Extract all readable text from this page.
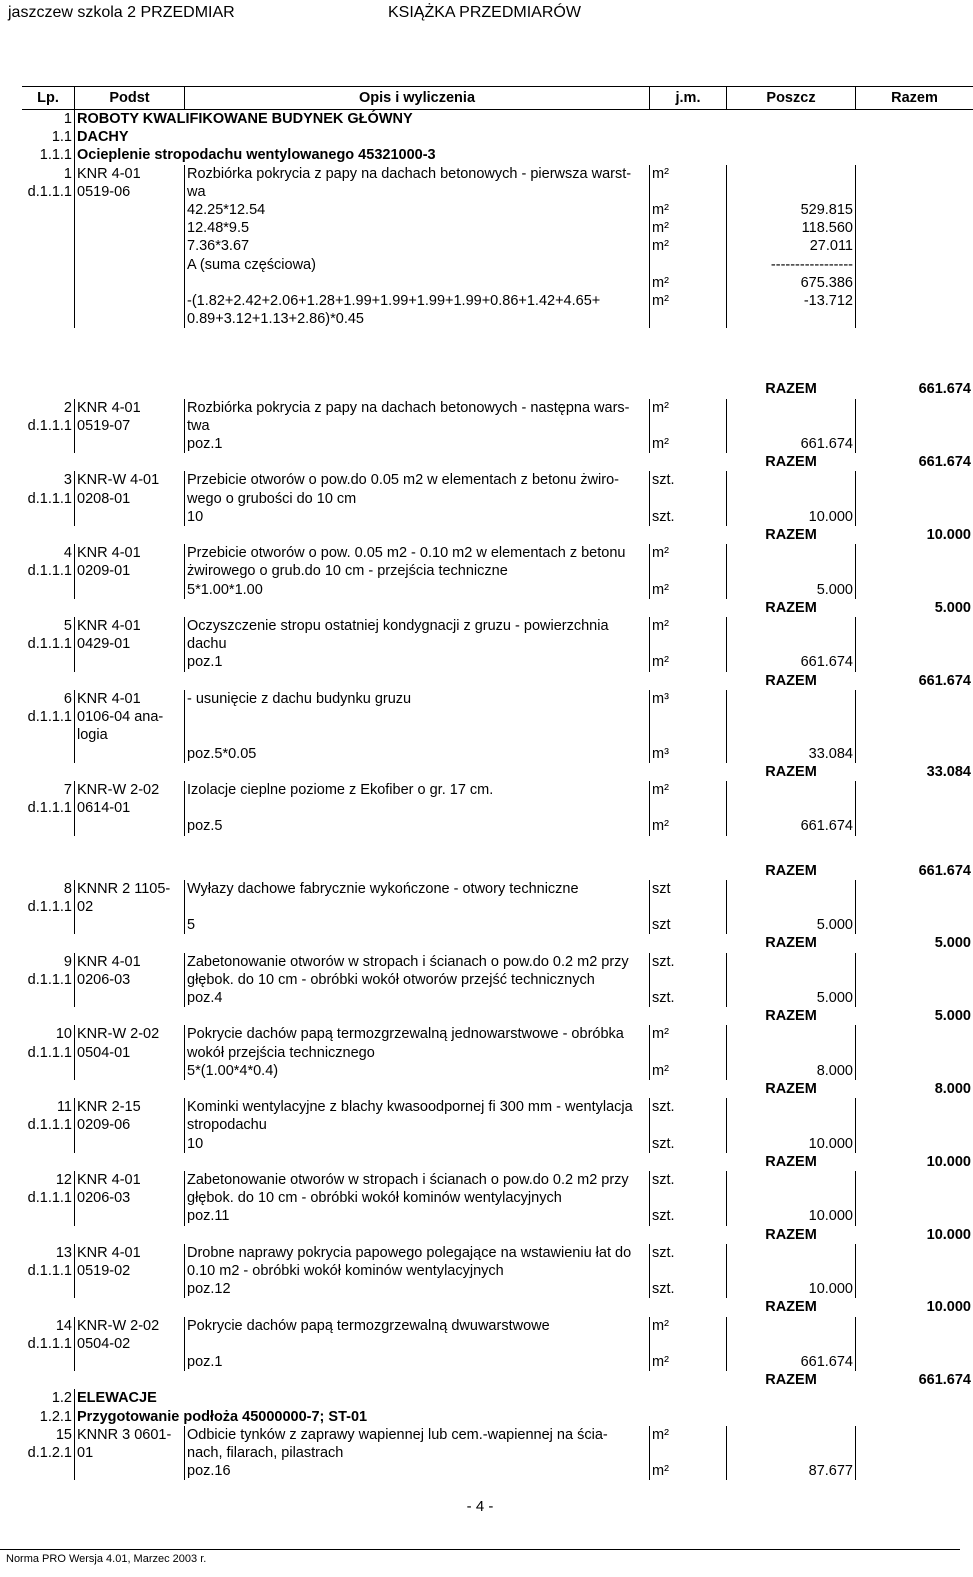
jaszczew szkola 2 PRZEDMIAR	KSIĄŻKA PRZEDMIARÓW
Lp.	Podst	Opis i wyliczenia	j.m.	Poszcz	Razem
1	ROBOTY KWALIFIKOWANE BUDYNEK GŁÓWNY				
1.1	DACHY				
1.1.1	Ocieplenie stropodachu wentylowanego 45321000-3				
1	KNR 4-01	Rozbiórka pokrycia z papy na dachach betonowych - pierwsza warst-	m²		
d.1.1.1	0519-06	wa			
		42.25*12.54	m²	529.815	
		12.48*9.5	m²	118.560	
		7.36*3.67	m²	27.011	
		A (suma częściowa)		-----------------	
			m²	675.386	
		-(1.82+2.42+2.06+1.28+1.99+1.99+1.99+1.99+0.86+1.42+4.65+	m²	-13.712	
		0.89+3.12+1.13+2.86)*0.45			

				RAZEM	661.674
2	KNR 4-01	Rozbiórka pokrycia z papy na dachach betonowych - następna wars-	m²		
d.1.1.1	0519-07	twa			
		poz.1	m²	661.674	
				RAZEM	661.674
3	KNR-W 4-01	Przebicie otworów o pow.do 0.05 m2 w elementach z betonu żwiro-	szt.		
d.1.1.1	0208-01	wego o grubości do 10 cm			
		10	szt.	10.000	
				RAZEM	10.000
4	KNR 4-01	Przebicie otworów o pow. 0.05 m2 - 0.10 m2 w elementach z betonu	m²		
d.1.1.1	0209-01	żwirowego o grub.do 10 cm - przejścia techniczne			
		5*1.00*1.00	m²	5.000	
				RAZEM	5.000
5	KNR 4-01	Oczyszczenie stropu ostatniej kondygnacji z gruzu - powierzchnia	m²		
d.1.1.1	0429-01	dachu			
		poz.1	m²	661.674	
				RAZEM	661.674
6	KNR 4-01	- usunięcie z dachu budynku gruzu	m³		
d.1.1.1	0106-04 ana-				
	logia				
		poz.5*0.05	m³	33.084	
				RAZEM	33.084
7	KNR-W 2-02	Izolacje cieplne poziome z Ekofiber o gr. 17 cm.	m²		
d.1.1.1	0614-01				
		poz.5	m²	661.674	

				RAZEM	661.674
8	KNNR 2 1105-	Wyłazy dachowe fabrycznie wykończone - otwory techniczne	szt		
d.1.1.1	02				
		5	szt	5.000	
				RAZEM	5.000
9	KNR 4-01	Zabetonowanie otworów w stropach i ścianach o pow.do 0.2 m2 przy	szt.		
d.1.1.1	0206-03	głębok. do 10 cm - obróbki wokół otworów przejść technicznych			
		poz.4	szt.	5.000	
				RAZEM	5.000
10	KNR-W 2-02	Pokrycie dachów papą termozgrzewalną jednowarstwowe - obróbka	m²		
d.1.1.1	0504-01	wokół przejścia technicznego			
		5*(1.00*4*0.4)	m²	8.000	
				RAZEM	8.000
11	KNR 2-15	Kominki wentylacyjne z blachy kwasoodpornej fi 300 mm - wentylacja	szt.		
d.1.1.1	0209-06	stropodachu			
		10	szt.	10.000	
				RAZEM	10.000
12	KNR 4-01	Zabetonowanie otworów w stropach i ścianach o pow.do 0.2 m2 przy	szt.		
d.1.1.1	0206-03	głębok. do 10 cm - obróbki wokół kominów wentylacyjnych			
		poz.11	szt.	10.000	
				RAZEM	10.000
13	KNR 4-01	Drobne naprawy pokrycia papowego polegające na wstawieniu łat do	szt.		
d.1.1.1	0519-02	0.10 m2 - obróbki wokół kominów wentylacyjnych			
		poz.12	szt.	10.000	
				RAZEM	10.000
14	KNR-W 2-02	Pokrycie dachów papą termozgrzewalną dwuwarstwowe	m²		
d.1.1.1	0504-02				
		poz.1	m²	661.674	
				RAZEM	661.674
1.2	ELEWACJE				
1.2.1	Przygotowanie podłoża 45000000-7; ST-01				
15	KNNR 3 0601-	Odbicie tynków z zaprawy wapiennej lub cem.-wapiennej na ścia-	m²		
d.1.2.1	01	nach, filarach, pilastrach			
		poz.16	m²	87.677	
- 4 -
Norma PRO Wersja 4.01, Marzec 2003 r.
